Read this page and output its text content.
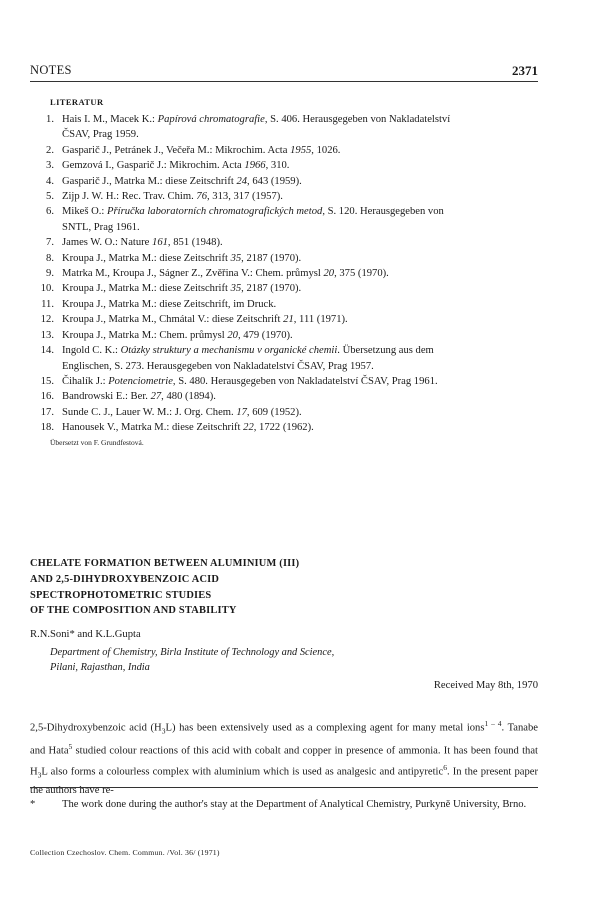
NOTES	2371
LITERATUR
1. Hais I. M., Macek K.: Papírová chromatografie, S. 406. Herausgegeben von Nakladatelství
ČSAV, Prag 1959.
2. Gasparič J., Petránek J., Večeřa M.: Mikrochim. Acta 1955, 1026.
3. Gemzová I., Gasparič J.: Mikrochim. Acta 1966, 310.
4. Gasparič J., Matrka M.: diese Zeitschrift 24, 643 (1959).
5. Zijp J. W. H.: Rec. Trav. Chim. 76, 313, 317 (1957).
6. Mikeš O.: Příručka laboratorních chromatografických metod, S. 120. Herausgegeben von
SNTL, Prag 1961.
7. James W. O.: Nature 161, 851 (1948).
8. Kroupa J., Matrka M.: diese Zeitschrift 35, 2187 (1970).
9. Matrka M., Kroupa J., Ságner Z., Zvěřina V.: Chem. průmysl 20, 375 (1970).
10. Kroupa J., Matrka M.: diese Zeitschrift 35, 2187 (1970).
11. Kroupa J., Matrka M.: diese Zeitschrift, im Druck.
12. Kroupa J., Matrka M., Chmátal V.: diese Zeitschrift 21, 111 (1971).
13. Kroupa J., Matrka M.: Chem. průmysl 20, 479 (1970).
14. Ingold C. K.: Otázky struktury a mechanismu v organické chemii. Übersetzung aus dem
Englischen, S. 273. Herausgegeben von Nakladatelství ČSAV, Prag 1957.
15. Čihalík J.: Potenciometrie, S. 480. Herausgegeben von Nakladatelství ČSAV, Prag 1961.
16. Bandrowski E.: Ber. 27, 480 (1894).
17. Sunde C. J., Lauer W. M.: J. Org. Chem. 17, 609 (1952).
18. Hanousek V., Matrka M.: diese Zeitschrift 22, 1722 (1962).
Übersetzt von F. Grundfestová.
CHELATE FORMATION BETWEEN ALUMINIUM (III)
AND 2,5-DIHYDROXYBENZOIC ACID
SPECTROPHOTOMETRIC STUDIES
OF THE COMPOSITION AND STABILITY
R.N.Soni* and K.L.Gupta
Department of Chemistry, Birla Institute of Technology and Science,
Pilani, Rajasthan, India
Received May 8th, 1970
2,5-Dihydroxybenzoic acid $(H_3L)$ has been extensively used as a complexing agent for many metal ions$^{1 - 4}$. Tanabe and Hata$^5$ studied colour reactions of this acid with cobalt and copper in presence of ammonia. It has been found that $H_3L$ also forms a colourless complex with aluminium which is used as analgesic and antipyretic$^6$. In the present paper the authors have re-
*	The work done during the author's stay at the Department of Analytical Chemistry, Purkyně University, Brno.
Collection Czechoslov. Chem. Commun. /Vol. 36/ (1971)
